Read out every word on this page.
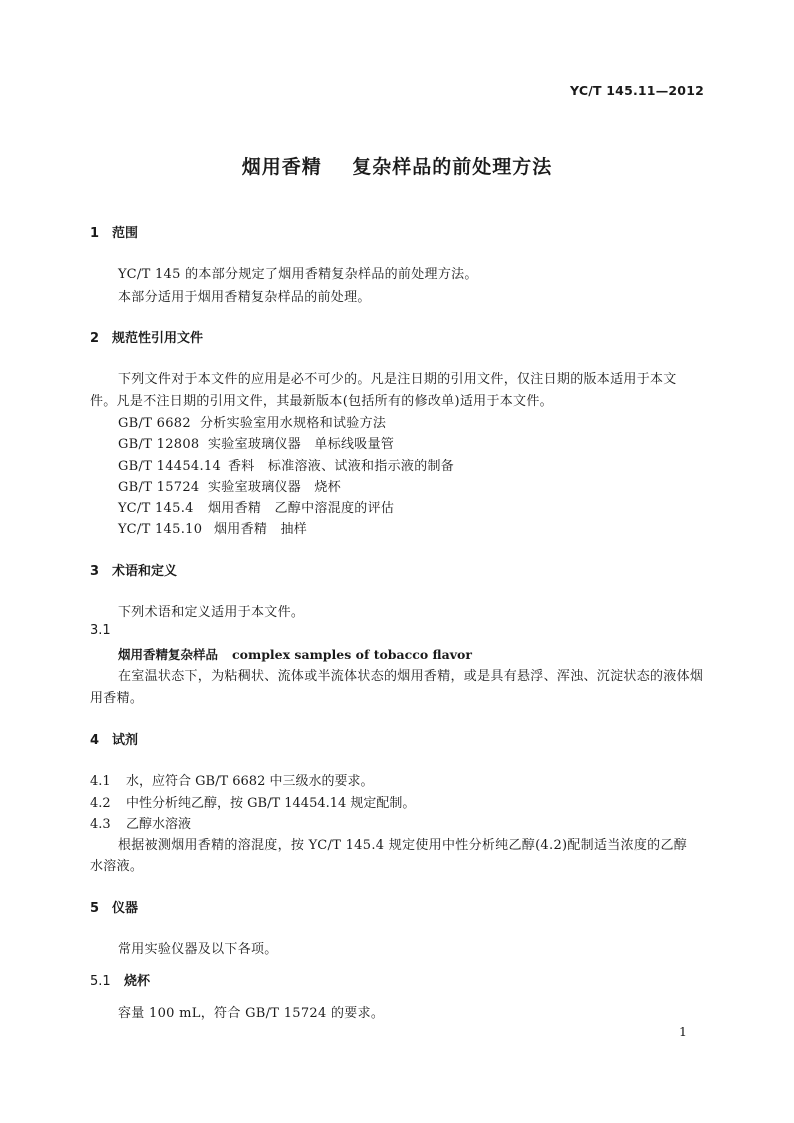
YC/T 145.11—2012
烟用香精    复杂样品的前处理方法
1 范围
YC/T 145 的本部分规定了烟用香精复杂样品的前处理方法。
本部分适用于烟用香精复杂样品的前处理。
2 规范性引用文件
下列文件对于本文件的应用是必不可少的。凡是注日期的引用文件，仅注日期的版本适用于本文
件。凡是不注日期的引用文件，其最新版本(包括所有的修改单)适用于本文件。
GB/T 6682 分析实验室用水规格和试验方法
GB/T 12808 实验室玻璃仪器　单标线吸量管
GB/T 14454.14 香料　标准溶液、试液和指示液的制备
GB/T 15724 实验室玻璃仪器　烧杯
YC/T 145.4 烟用香精　乙醇中溶混度的评估
YC/T 145.10 烟用香精　抽样
3 术语和定义
下列术语和定义适用于本文件。
3.1
烟用香精复杂样品 complex samples of tobacco flavor
在室温状态下，为粘稠状、流体或半流体状态的烟用香精，或是具有悬浮、浑浊、沉淀状态的液体烟
用香精。
4 试剂
4.1 水，应符合 GB/T 6682 中三级水的要求。
4.2 中性分析纯乙醇，按 GB/T 14454.14 规定配制。
4.3 乙醇水溶液
根据被测烟用香精的溶混度，按 YC/T 145.4 规定使用中性分析纯乙醇(4.2)配制适当浓度的乙醇
水溶液。
5 仪器
常用实验仪器及以下各项。
5.1 烧杯
容量 100 mL，符合 GB/T 15724 的要求。
1
